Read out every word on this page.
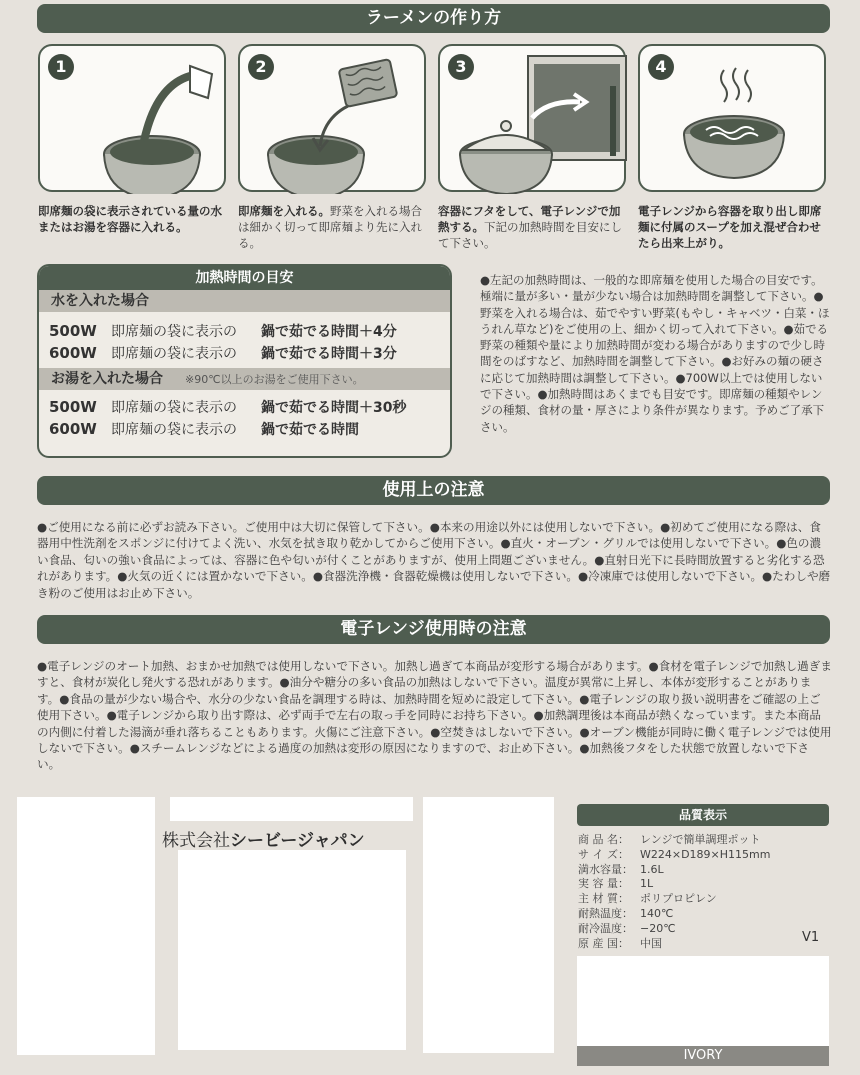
ラーメンの作り方
1	2	3	4
即席麺の袋に表示されている量の水またはお湯を容器に入れる。
即席麺を入れる。野菜を入れる場合は細かく切って即席麺より先に入れる。
容器にフタをして、電子レンジで加熱する。下記の加熱時間を目安にして下さい。
電子レンジから容器を取り出し即席麺に付属のスープを加え混ぜ合わせたら出来上がり。
加熱時間の目安
水を入れた場合
500W 即席麺の袋に表示の 鍋で茹でる時間＋4分
600W 即席麺の袋に表示の 鍋で茹でる時間＋3分
お湯を入れた場合 ※90℃以上のお湯をご使用下さい。
500W 即席麺の袋に表示の 鍋で茹でる時間＋30秒
600W 即席麺の袋に表示の 鍋で茹でる時間
●左記の加熱時間は、一般的な即席麺を使用した場合の目安です。極端に量が多い・量が少ない場合は加熱時間を調整して下さい。●野菜を入れる場合は、茹でやすい野菜(もやし・キャベツ・白菜・ほうれん草など)をご使用の上、細かく切って入れて下さい。●茹でる野菜の種類や量により加熱時間が変わる場合がありますので少し時間をのばすなど、加熱時間を調整して下さい。●お好みの麺の硬さに応じて加熱時間は調整して下さい。●700W以上では使用しないで下さい。●加熱時間はあくまでも目安です。即席麺の種類やレンジの種類、食材の量・厚さにより条件が異なります。予めご了承下さい。
使用上の注意
●ご使用になる前に必ずお読み下さい。ご使用中は大切に保管して下さい。●本来の用途以外には使用しないで下さい。●初めてご使用になる際は、食器用中性洗剤をスポンジに付けてよく洗い、水気を拭き取り乾かしてからご使用下さい。●直火・オーブン・グリルでは使用しないで下さい。●色の濃い食品、匂いの強い食品によっては、容器に色や匂いが付くことがありますが、使用上問題ございません。●直射日光下に長時間放置すると劣化する恐れがあります。●火気の近くには置かないで下さい。●食器洗浄機・食器乾燥機は使用しないで下さい。●冷凍庫では使用しないで下さい。●たわしや磨き粉のご使用はお止め下さい。
電子レンジ使用時の注意
●電子レンジのオート加熱、おまかせ加熱では使用しないで下さい。加熱し過ぎて本商品が変形する場合があります。●食材を電子レンジで加熱し過ぎますと、食材が炭化し発火する恐れがあります。●油分や糖分の多い食品の加熱はしないで下さい。温度が異常に上昇し、本体が変形することがあります。●食品の量が少ない場合や、水分の少ない食品を調理する時は、加熱時間を短めに設定して下さい。●電子レンジの取り扱い説明書をご確認の上ご使用下さい。●電子レンジから取り出す際は、必ず両手で左右の取っ手を同時にお持ち下さい。●加熱調理後は本商品が熱くなっています。また本商品の内側に付着した湯滴が垂れ落ちることもあります。火傷にご注意下さい。●空焚きはしないで下さい。●オーブン機能が同時に働く電子レンジでは使用しないで下さい。●スチームレンジなどによる過度の加熱は変形の原因になりますので、お止め下さい。●加熱後フタをした状態で放置しないで下さい。
株式会社シービージャパン
品質表示
商 品 名： レンジで簡単調理ポット
サ イ ズ： W224×D189×H115mm
満水容量： 1.6L
実 容 量： 1L
主 材 質： ポリプロピレン
耐熱温度： 140℃
耐冷温度： −20℃
原 産 国： 中国	V1
IVORY
